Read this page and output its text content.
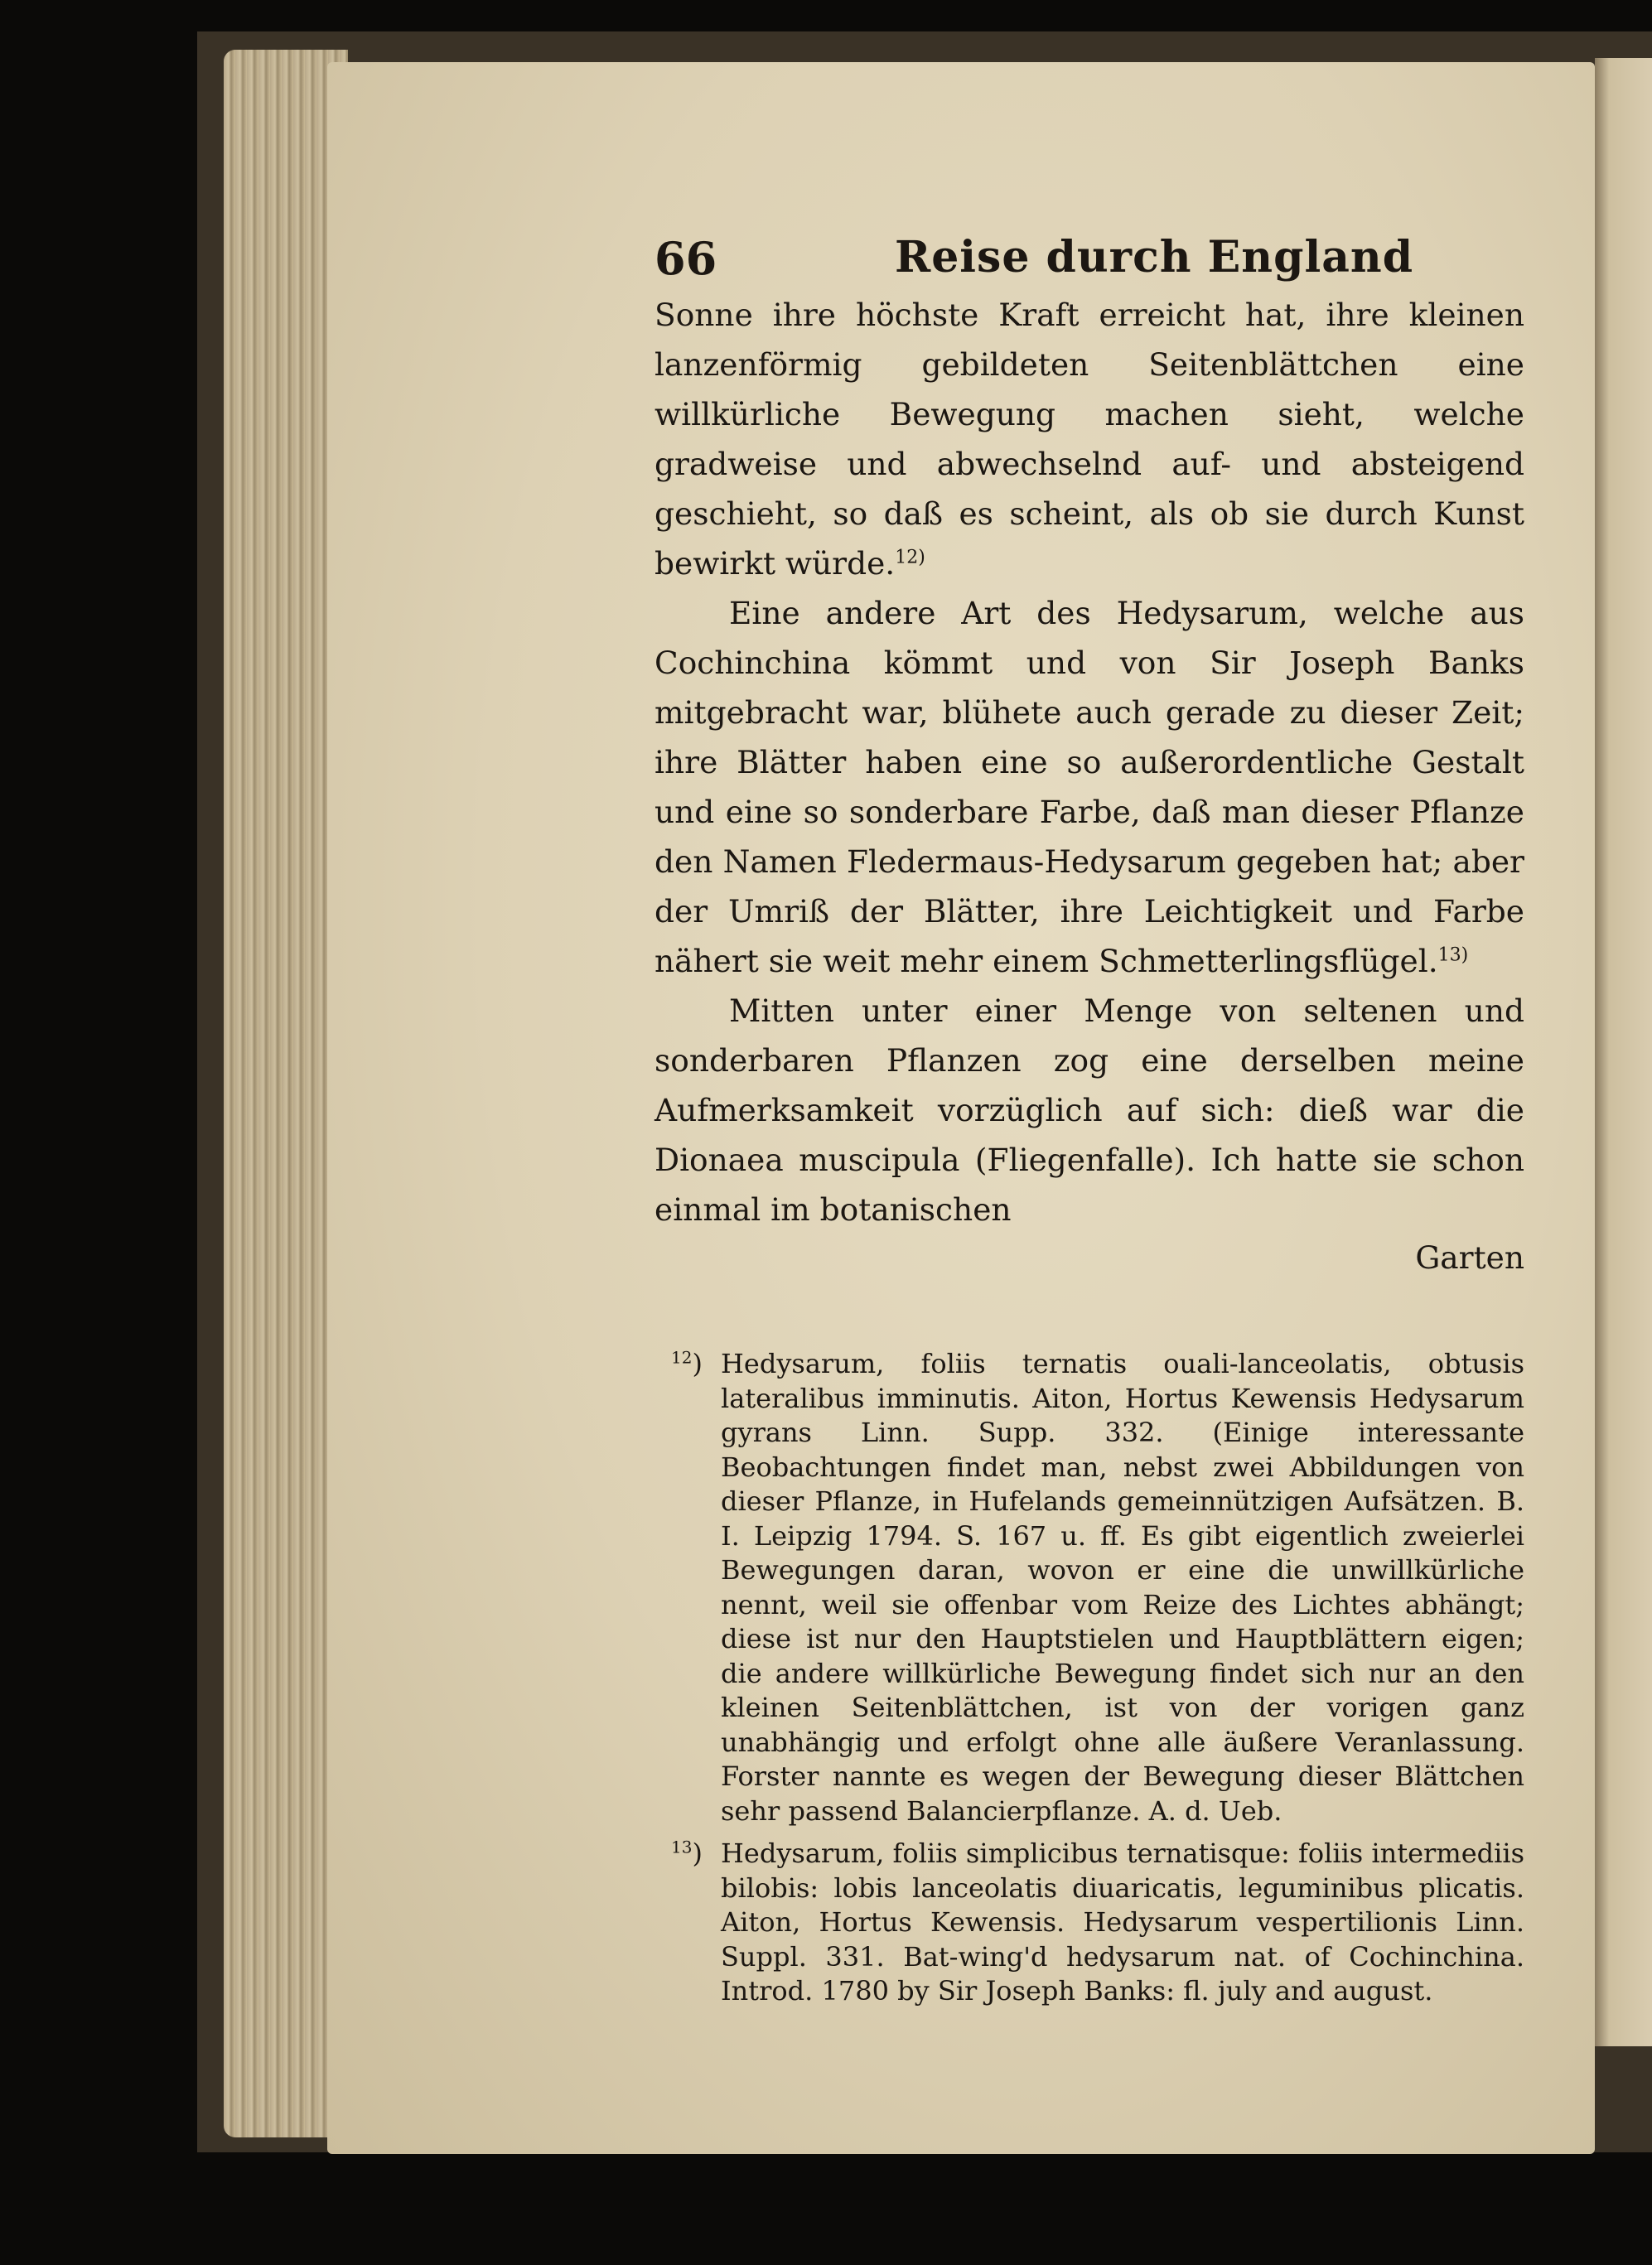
66	Reise durch England

Sonne ihre höchste Kraft erreicht hat, ihre kleinen lanzenförmig gebildeten Seitenblättchen eine willkürliche Bewegung machen sieht, welche gradweise und abwechselnd auf- und absteigend geschieht, so daß es scheint, als ob sie durch Kunst bewirkt würde.$^{12)}$

Eine andere Art des Hedysarum, welche aus Cochinchina kömmt und von Sir Joseph Banks mitgebracht war, blühete auch gerade zu dieser Zeit; ihre Blätter haben eine so außerordentliche Gestalt und eine so sonderbare Farbe, daß man dieser Pflanze den Namen Fledermaus-Hedysarum gegeben hat; aber der Umriß der Blätter, ihre Leichtigkeit und Farbe nähert sie weit mehr einem Schmetterlingsflügel.$^{13)}$

Mitten unter einer Menge von seltenen und sonderbaren Pflanzen zog eine derselben meine Aufmerksamkeit vorzüglich auf sich: dieß war die Dionaea muscipula (Fliegenfalle). Ich hatte sie schon einmal im botanischen

Garten
$^{12}$) Hedysarum, foliis ternatis ouali-lanceolatis, obtusis lateralibus imminutis. Aiton, Hortus Kewensis Hedysarum gyrans Linn. Supp. 332. (Einige interessante Beobachtungen findet man, nebst zwei Abbildungen von dieser Pflanze, in Hufelands gemeinnützigen Aufsätzen. B. I. Leipzig 1794. S. 167 u. ff. Es gibt eigentlich zweierlei Bewegungen daran, wovon er eine die unwillkürliche nennt, weil sie offenbar vom Reize des Lichtes abhängt; diese ist nur den Hauptstielen und Hauptblättern eigen; die andere willkürliche Bewegung findet sich nur an den kleinen Seitenblättchen, ist von der vorigen ganz unabhängig und erfolgt ohne alle äußere Veranlassung. Forster nannte es wegen der Bewegung dieser Blättchen sehr passend Balancierpflanze. A. d. Ueb.
$^{13}$) Hedysarum, foliis simplicibus ternatisque: foliis intermediis bilobis: lobis lanceolatis diuaricatis, leguminibus plicatis. Aiton, Hortus Kewensis. Hedysarum vespertilionis Linn. Suppl. 331. Bat-wing'd hedysarum nat. of Cochinchina. Introd. 1780 by Sir Joseph Banks: fl. july and august.
